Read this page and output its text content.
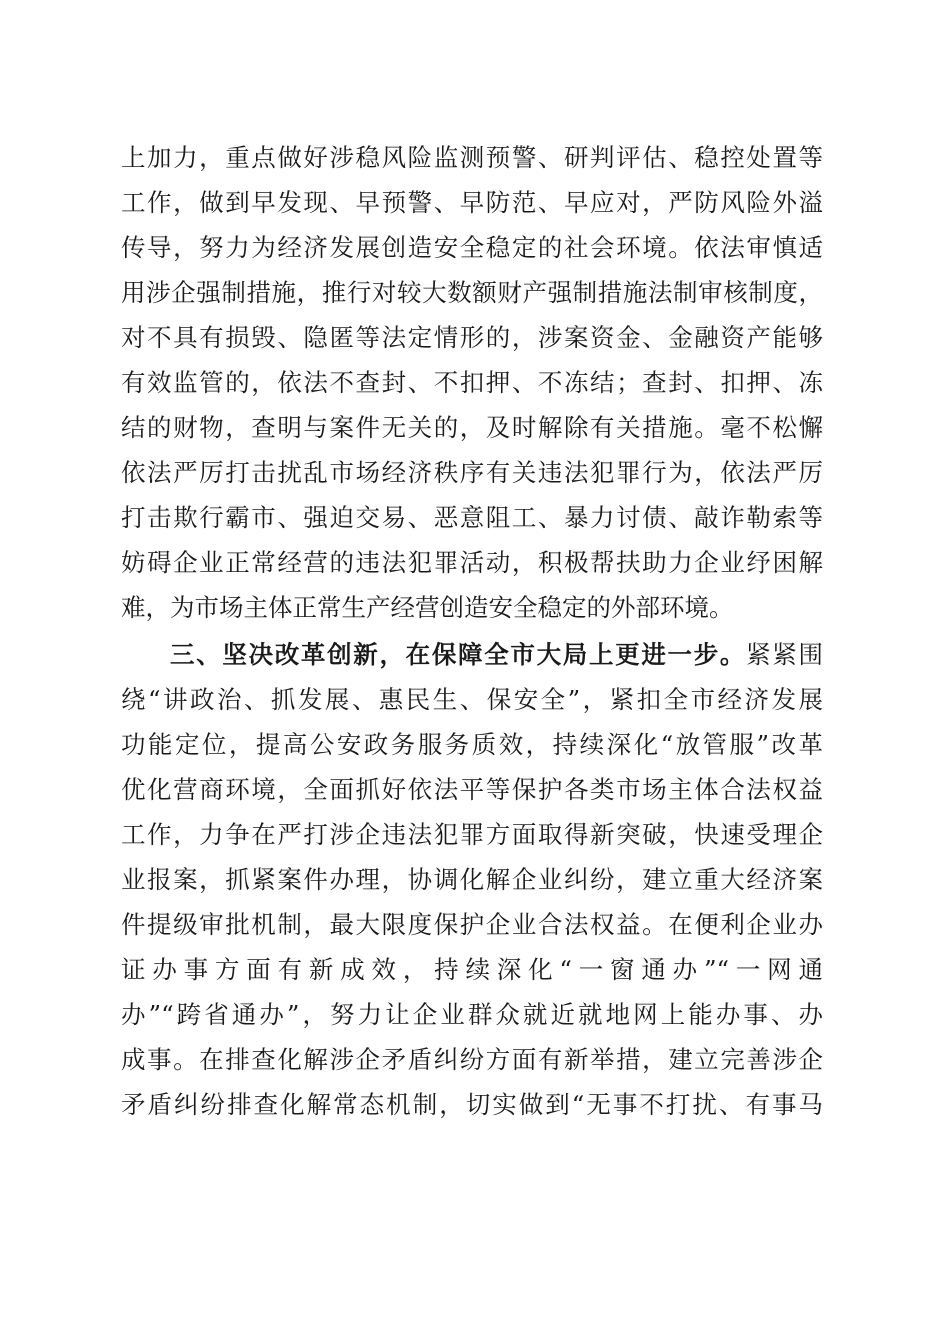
上加力，重点做好涉稳风险监测预警、研判评估、稳控处置等
工作，做到早发现、早预警、早防范、早应对，严防风险外溢
传导，努力为经济发展创造安全稳定的社会环境。依法审慎适
用涉企强制措施，推行对较大数额财产强制措施法制审核制度，
对不具有损毁、隐匿等法定情形的，涉案资金、金融资产能够
有效监管的，依法不查封、不扣押、不冻结；查封、扣押、冻
结的财物，查明与案件无关的，及时解除有关措施。毫不松懈
依法严厉打击扰乱市场经济秩序有关违法犯罪行为，依法严厉
打击欺行霸市、强迫交易、恶意阻工、暴力讨债、敲诈勒索等
妨碍企业正常经营的违法犯罪活动，积极帮扶助力企业纾困解
难，为市场主体正常生产经营创造安全稳定的外部环境。
三、坚决改革创新，在保障全市大局上更进一步。紧紧围
绕“讲政治、抓发展、惠民生、保安全”，紧扣全市经济发展
功能定位，提高公安政务服务质效，持续深化“放管服”改革
优化营商环境，全面抓好依法平等保护各类市场主体合法权益
工作，力争在严打涉企违法犯罪方面取得新突破，快速受理企
业报案，抓紧案件办理，协调化解企业纠纷，建立重大经济案
件提级审批机制，最大限度保护企业合法权益。在便利企业办
证办事方面有新成效，持续深化“一窗通办”“一网通
办”“跨省通办”，努力让企业群众就近就地网上能办事、办
成事。在排查化解涉企矛盾纠纷方面有新举措，建立完善涉企
矛盾纠纷排查化解常态机制，切实做到“无事不打扰、有事马
